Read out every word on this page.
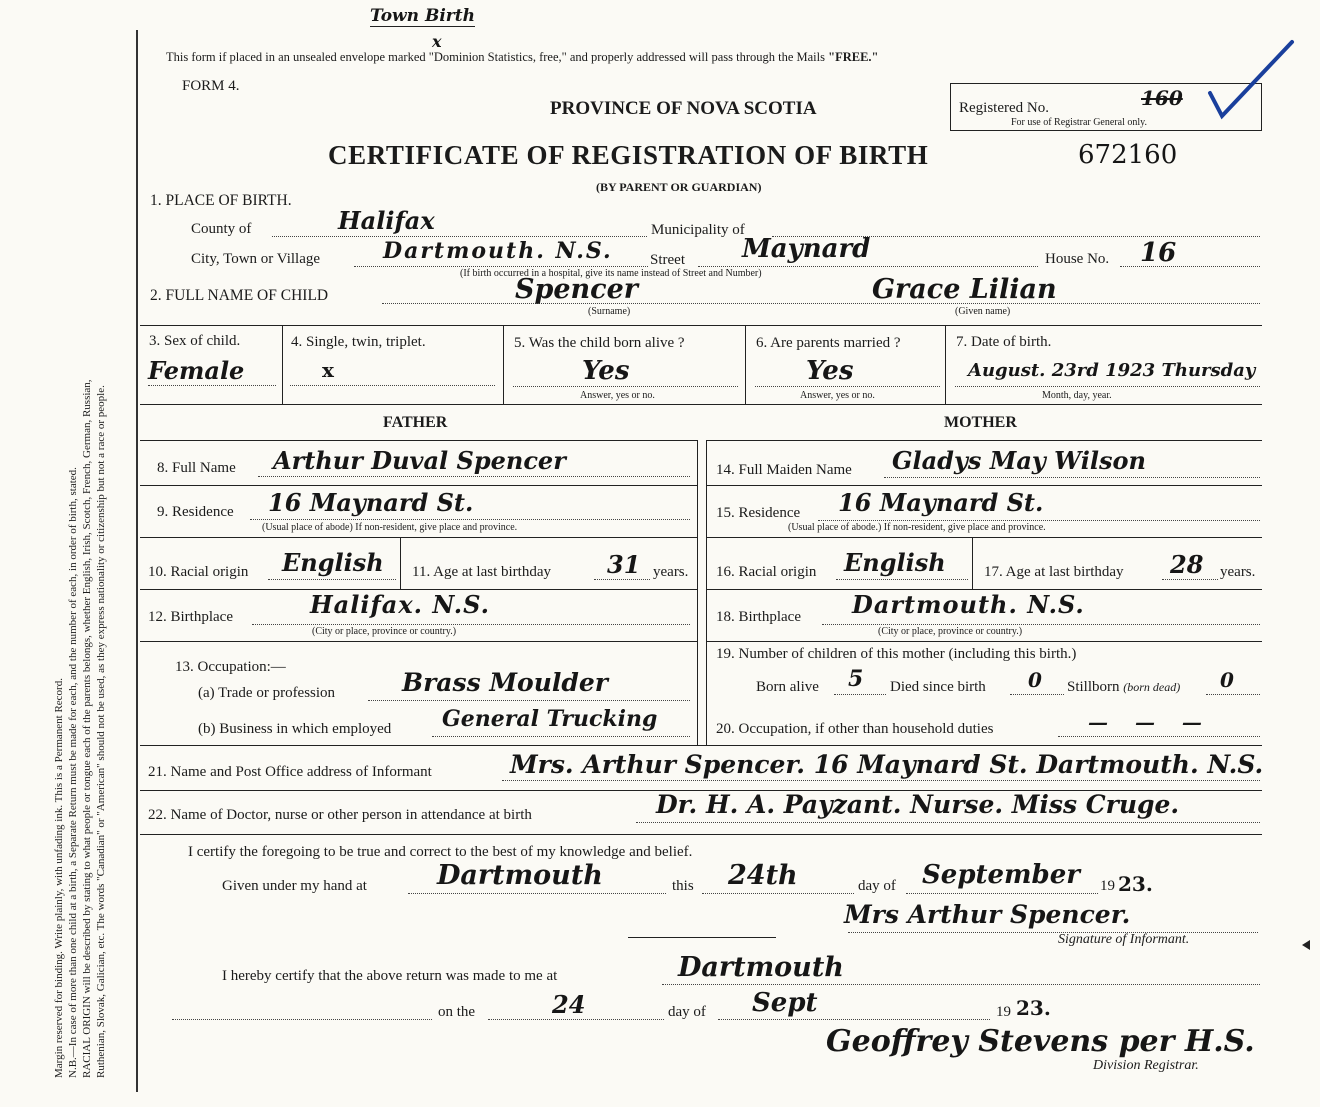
Margin reserved for binding. Write plainly, with unfading ink. This is a Permanent Record. N.B.—In case of more than one child at a birth, a Separate Return must be made for each, and the number of each, in order of birth, stated. RACIAL ORIGIN will be described by stating to what people or tongue each of the parents belongs, whether English, Irish, Scotch, French, German, Russian, Ruthenian, Slovak, Galician, etc. The words "Canadian" or "American" should not be used, as they express nationality or citizenship but not a race or people.
Town Birth
x
This form if placed in an unsealed envelope marked "Dominion Statistics, free," and properly addressed will pass through the Mails "FREE."
FORM 4.
PROVINCE OF NOVA SCOTIA	Registered No.	160
For use of Registrar General only.
CERTIFICATE OF REGISTRATION OF BIRTH	672160
(BY PARENT OR GUARDIAN)
1. PLACE OF BIRTH.
County of	Halifax	Municipality of
City, Town or Village	Dartmouth. N.S. Street Maynard	House No. 16
(If birth occurred in a hospital, give its name instead of Street and Number)
2. FULL NAME OF CHILD	Spencer
(Surname)
Grace Lilian
(Given name)
3. Sex of child.
Female
4. Single, twin, triplet.
x
5. Was the child born alive ?
Yes
Answer, yes or no.
6. Are parents married ?
Yes
Answer, yes or no.
7. Date of birth.
August. 23rd 1923 Thursday
Month, day, year.
FATHER
8. Full Name Arthur Duval Spencer
9. Residence 16 Maynard St.
(Usual place of abode) If non-resident, give place and province.
10. Racial origin English 11. Age at last birthday 31 years.
12. Birthplace	Halifax. N.S.
(City or place, province or country.)
13. Occupation:—
(a) Trade or profession	Brass Moulder
(b) Business in which employed General Trucking
MOTHER
14. Full Maiden Name Gladys May Wilson
15. Residence 16 Maynard St.
(Usual place of abode.) If non-resident, give place and province.
16. Racial origin English	17. Age at last birthday 28 years.
18. Birthplace Dartmouth. N.S.
(City or place, province or country.)
19. Number of children of this mother (including this birth.)
Born alive 5 Died since birth 0 Stillborn (born dead) 0
20. Occupation, if other than household duties	— — —
21. Name and Post Office address of Informant	Mrs. Arthur Spencer. 16 Maynard St. Dartmouth. N.S.
22. Name of Doctor, nurse or other person in attendance at birth	Dr. H. A. Payzant. Nurse. Miss Cruge.
I certify the foregoing to be true and correct to the best of my knowledge and belief.
Given under my hand at	Dartmouth	this 24th	day of September 19 23.
Mrs Arthur Spencer.
Signature of Informant.
I hereby certify that the above return was made to me at	Dartmouth
on the	24	day of Sept	19 23.
Geoffrey Stevens per H.S.
Division Registrar.
